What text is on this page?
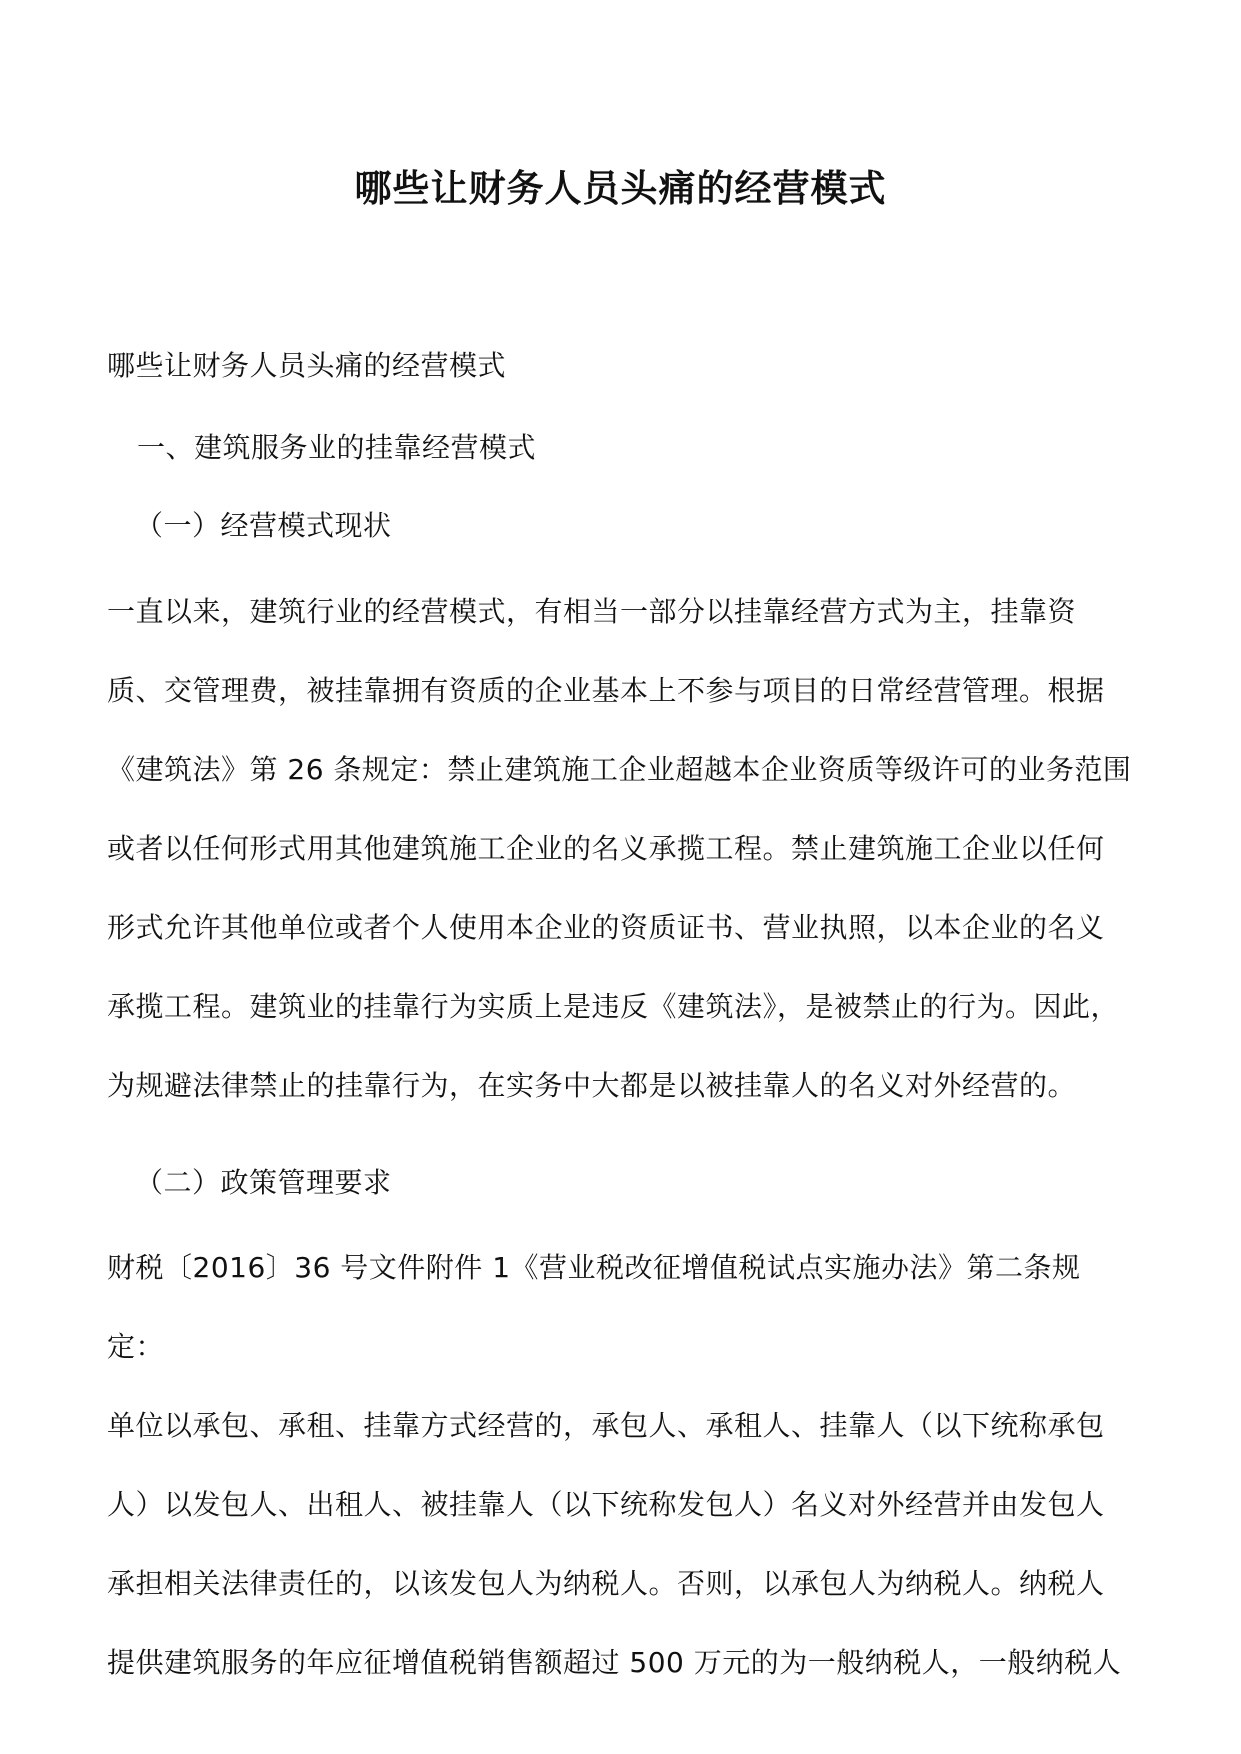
哪些让财务人员头痛的经营模式
哪些让财务人员头痛的经营模式
一、建筑服务业的挂靠经营模式
（一）经营模式现状
一直以来，建筑行业的经营模式，有相当一部分以挂靠经营方式为主，挂靠资
质、交管理费，被挂靠拥有资质的企业基本上不参与项目的日常经营管理。根据
《建筑法》第 26 条规定：禁止建筑施工企业超越本企业资质等级许可的业务范围
或者以任何形式用其他建筑施工企业的名义承揽工程。禁止建筑施工企业以任何
形式允许其他单位或者个人使用本企业的资质证书、营业执照，以本企业的名义
承揽工程。建筑业的挂靠行为实质上是违反《建筑法》，是被禁止的行为。因此，
为规避法律禁止的挂靠行为，在实务中大都是以被挂靠人的名义对外经营的。
（二）政策管理要求
财税〔2016〕36 号文件附件 1《营业税改征增值税试点实施办法》第二条规定：
单位以承包、承租、挂靠方式经营的，承包人、承租人、挂靠人（以下统称承包
人）以发包人、出租人、被挂靠人（以下统称发包人）名义对外经营并由发包人
承担相关法律责任的，以该发包人为纳税人。否则，以承包人为纳税人。纳税人
提供建筑服务的年应征增值税销售额超过 500 万元的为一般纳税人，一般纳税人
